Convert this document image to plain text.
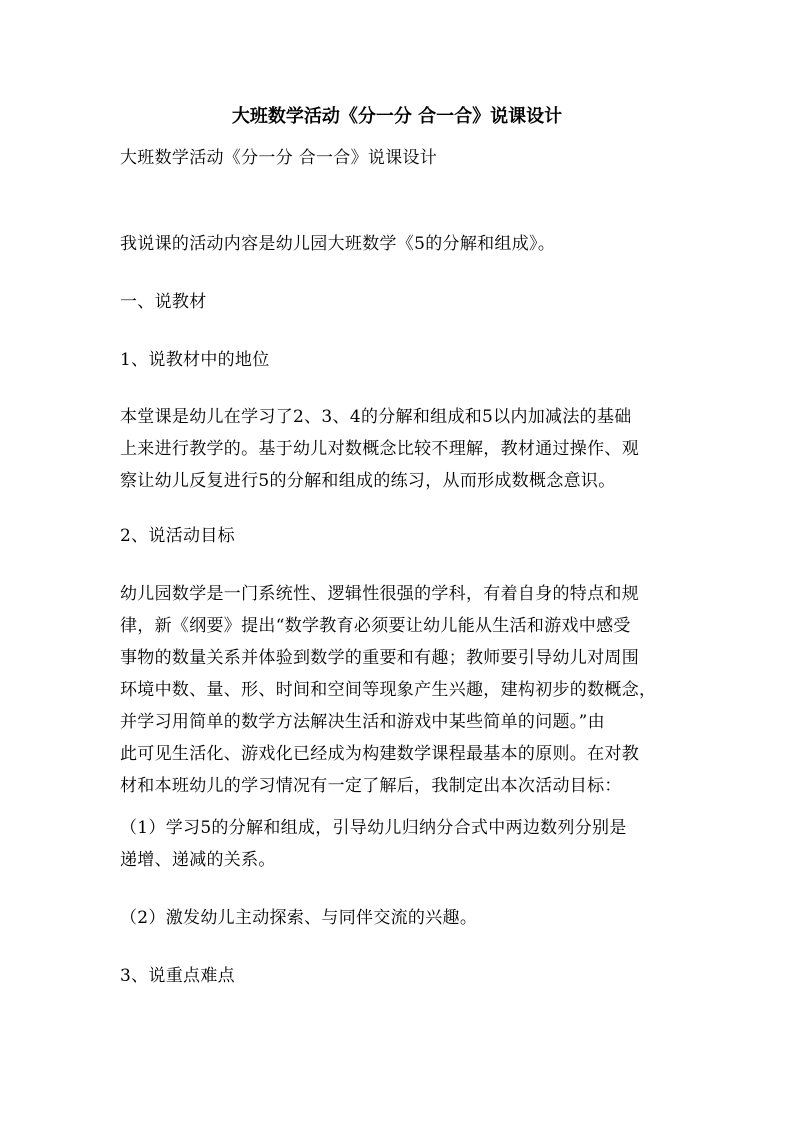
大班数学活动《分一分 合一合》说课设计
大班数学活动《分一分 合一合》说课设计
我说课的活动内容是幼儿园大班数学《5的分解和组成》。
一、说教材
1、说教材中的地位
本堂课是幼儿在学习了2、3、4的分解和组成和5以内加减法的基础
上来进行教学的。基于幼儿对数概念比较不理解，教材通过操作、观
察让幼儿反复进行5的分解和组成的练习，从而形成数概念意识。
2、说活动目标
幼儿园数学是一门系统性、逻辑性很强的学科，有着自身的特点和规
律，新《纲要》提出“数学教育必须要让幼儿能从生活和游戏中感受
事物的数量关系并体验到数学的重要和有趣；教师要引导幼儿对周围
环境中数、量、形、时间和空间等现象产生兴趣，建构初步的数概念，
并学习用简单的数学方法解决生活和游戏中某些简单的问题。”由
此可见生活化、游戏化已经成为构建数学课程最基本的原则。在对教
材和本班幼儿的学习情况有一定了解后，我制定出本次活动目标：
（1）学习5的分解和组成，引导幼儿归纳分合式中两边数列分别是
递增、递减的关系。
（2）激发幼儿主动探索、与同伴交流的兴趣。
3、说重点难点
